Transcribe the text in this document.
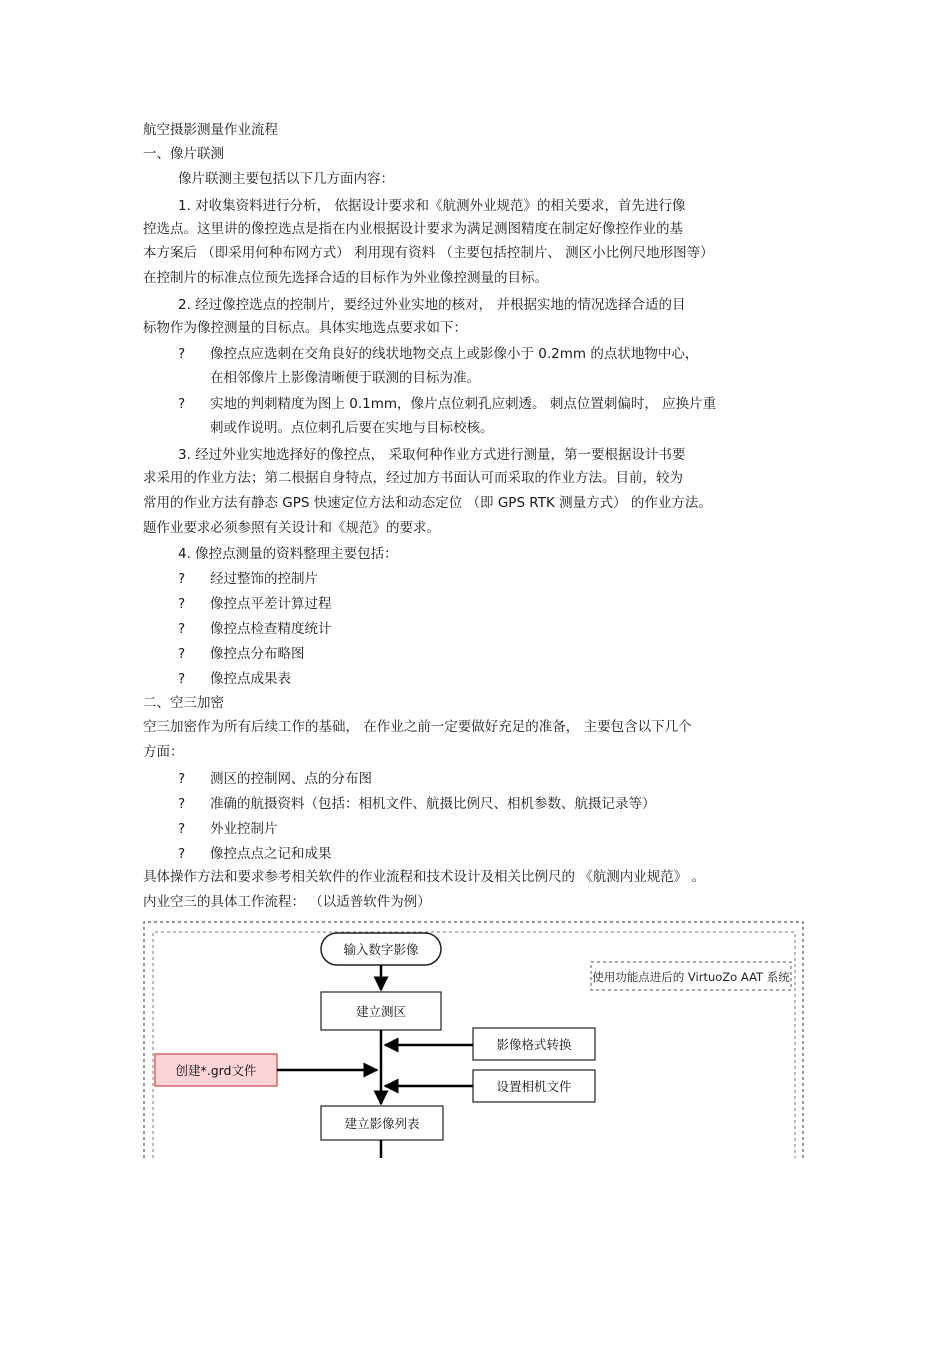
航空摄影测量作业流程
一、像片联测
像片联测主要包括以下几方面内容：
1. 对收集资料进行分析， 依据设计要求和《航测外业规范》的相关要求，首先进行像
控选点。这里讲的像控选点是指在内业根据设计要求为满足测图精度在制定好像控作业的基
本方案后 （即采用何种布网方式） 利用现有资料 （主要包括控制片、 测区小比例尺地形图等）
在控制片的标准点位预先选择合适的目标作为外业像控测量的目标。
2. 经过像控选点的控制片，要经过外业实地的核对， 并根据实地的情况选择合适的目
标物作为像控测量的目标点。具体实地选点要求如下：
? 像控点应选刺在交角良好的线状地物交点上或影像小于 0.2mm 的点状地物中心，
在相邻像片上影像清晰便于联测的目标为准。
? 实地的判刺精度为图上 0.1mm，像片点位刺孔应刺透。 刺点位置刺偏时， 应换片重
刺或作说明。点位刺孔后要在实地与目标校核。
3. 经过外业实地选择好的像控点， 采取何种作业方式进行测量，第一要根据设计书要
求采用的作业方法；第二根据自身特点，经过加方书面认可而采取的作业方法。目前，较为
常用的作业方法有静态 GPS 快速定位方法和动态定位 （即 GPS RTK 测量方式） 的作业方法。
题作业要求必须参照有关设计和《规范》的要求。
4. 像控点测量的资料整理主要包括：
? 经过整饰的控制片
? 像控点平差计算过程
? 像控点检查精度统计
? 像控点分布略图
? 像控点成果表
二、空三加密
空三加密作为所有后续工作的基础， 在作业之前一定要做好充足的准备， 主要包含以下几个
方面：
? 测区的控制网、点的分布图
? 准确的航摄资料（包括：相机文件、航摄比例尺、相机参数、航摄记录等）
? 外业控制片
? 像控点点之记和成果
具体操作方法和要求参考相关软件的作业流程和技术设计及相关比例尺的 《航测内业规范》 。
内业空三的具体工作流程： （以适普软件为例）
使用功能点进后的 VirtuoZo AAT 系统
输入数字影像
建立测区
影像格式转换
创建*.grd文件
设置相机文件
建立影像列表
